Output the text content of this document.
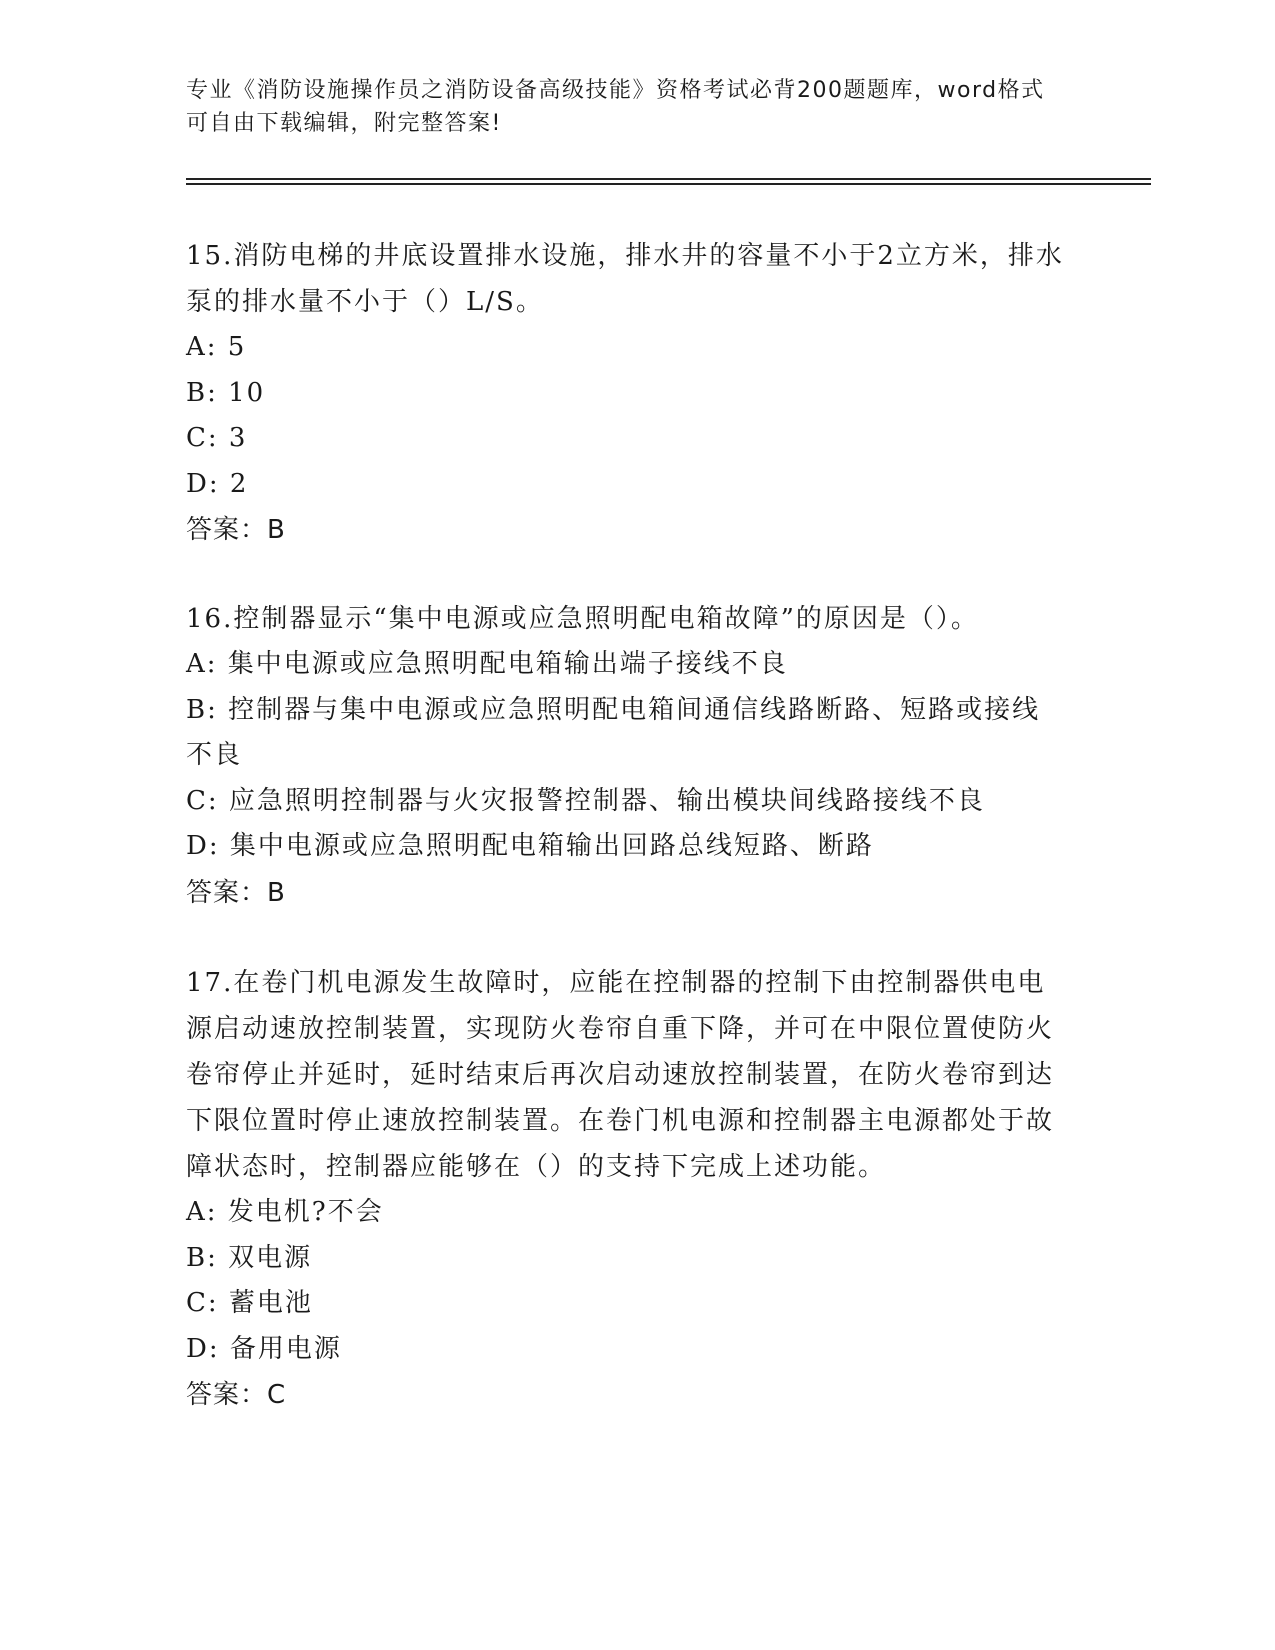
专业《消防设施操作员之消防设备高级技能》资格考试必背200题题库，word格式可自由下载编辑，附完整答案!

15.消防电梯的井底设置排水设施，排水井的容量不小于2立方米，排水泵的排水量不小于（）L/S。

A: 5

B: 10

C: 3

D: 2

答案：B

16.控制器显示“集中电源或应急照明配电箱故障”的原因是（）。

A: 集中电源或应急照明配电箱输出端子接线不良

B: 控制器与集中电源或应急照明配电箱间通信线路断路、短路或接线不良

C: 应急照明控制器与火灾报警控制器、输出模块间线路接线不良

D: 集中电源或应急照明配电箱输出回路总线短路、断路

答案：B

17.在卷门机电源发生故障时，应能在控制器的控制下由控制器供电电源启动速放控制装置，实现防火卷帘自重下降，并可在中限位置使防火卷帘停止并延时，延时结束后再次启动速放控制装置，在防火卷帘到达下限位置时停止速放控制装置。在卷门机电源和控制器主电源都处于故障状态时，控制器应能够在（）的支持下完成上述功能。

A: 发电机?不会

B: 双电源

C: 蓄电池

D: 备用电源

答案：C
